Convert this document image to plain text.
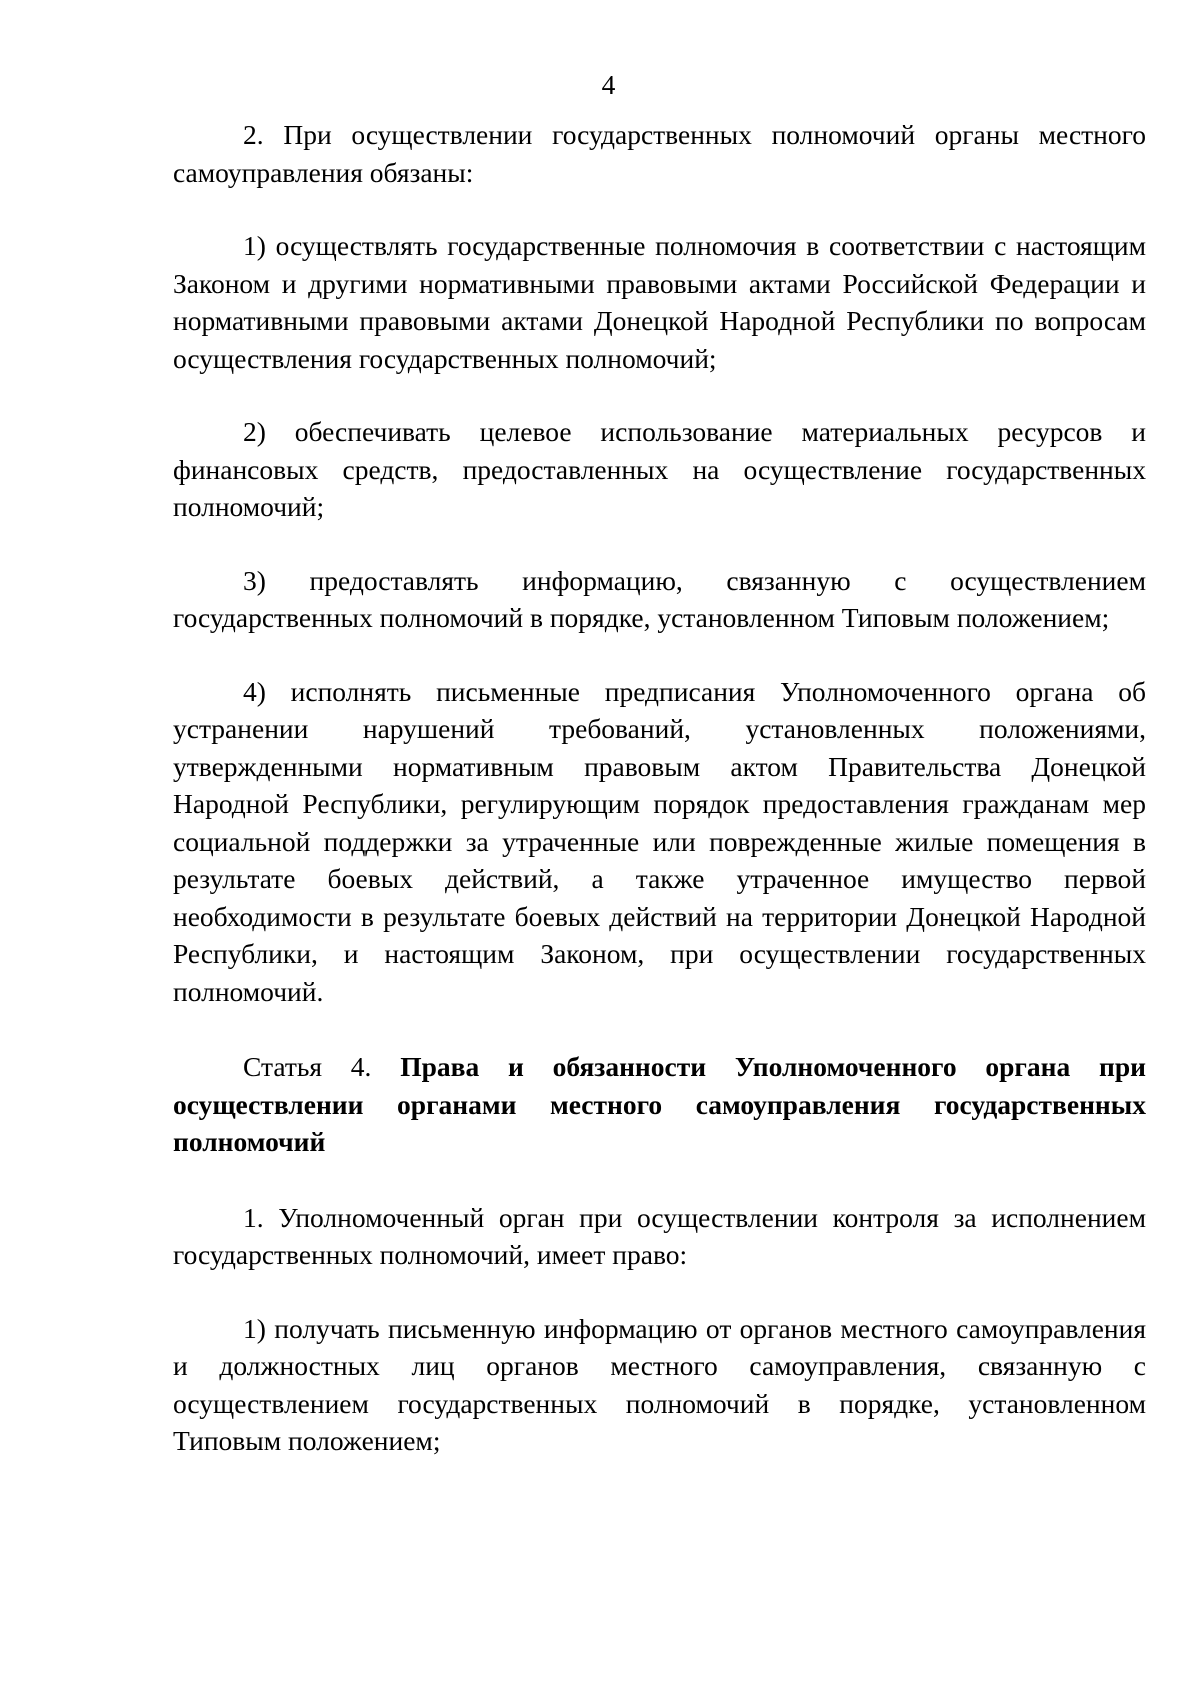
4

2. При осуществлении государственных полномочий органы местного самоуправления обязаны:

1) осуществлять государственные полномочия в соответствии с настоящим Законом и другими нормативными правовыми актами Российской Федерации и нормативными правовыми актами Донецкой Народной Республики по вопросам осуществления государственных полномочий;

2) обеспечивать целевое использование материальных ресурсов и финансовых средств, предоставленных на осуществление государственных полномочий;

3) предоставлять информацию, связанную с осуществлением государственных полномочий в порядке, установленном Типовым положением;

4) исполнять письменные предписания Уполномоченного органа об устранении нарушений требований, установленных положениями, утвержденными нормативным правовым актом Правительства Донецкой Народной Республики, регулирующим порядок предоставления гражданам мер социальной поддержки за утраченные или поврежденные жилые помещения в результате боевых действий, а также утраченное имущество первой необходимости в результате боевых действий на территории Донецкой Народной Республики, и настоящим Законом, при осуществлении государственных полномочий.

Статья 4. Права и обязанности Уполномоченного органа при осуществлении органами местного самоуправления государственных полномочий

1. Уполномоченный орган при осуществлении контроля за исполнением государственных полномочий, имеет право:

1) получать письменную информацию от органов местного самоуправления и должностных лиц органов местного самоуправления, связанную с осуществлением государственных полномочий в порядке, установленном Типовым положением;
